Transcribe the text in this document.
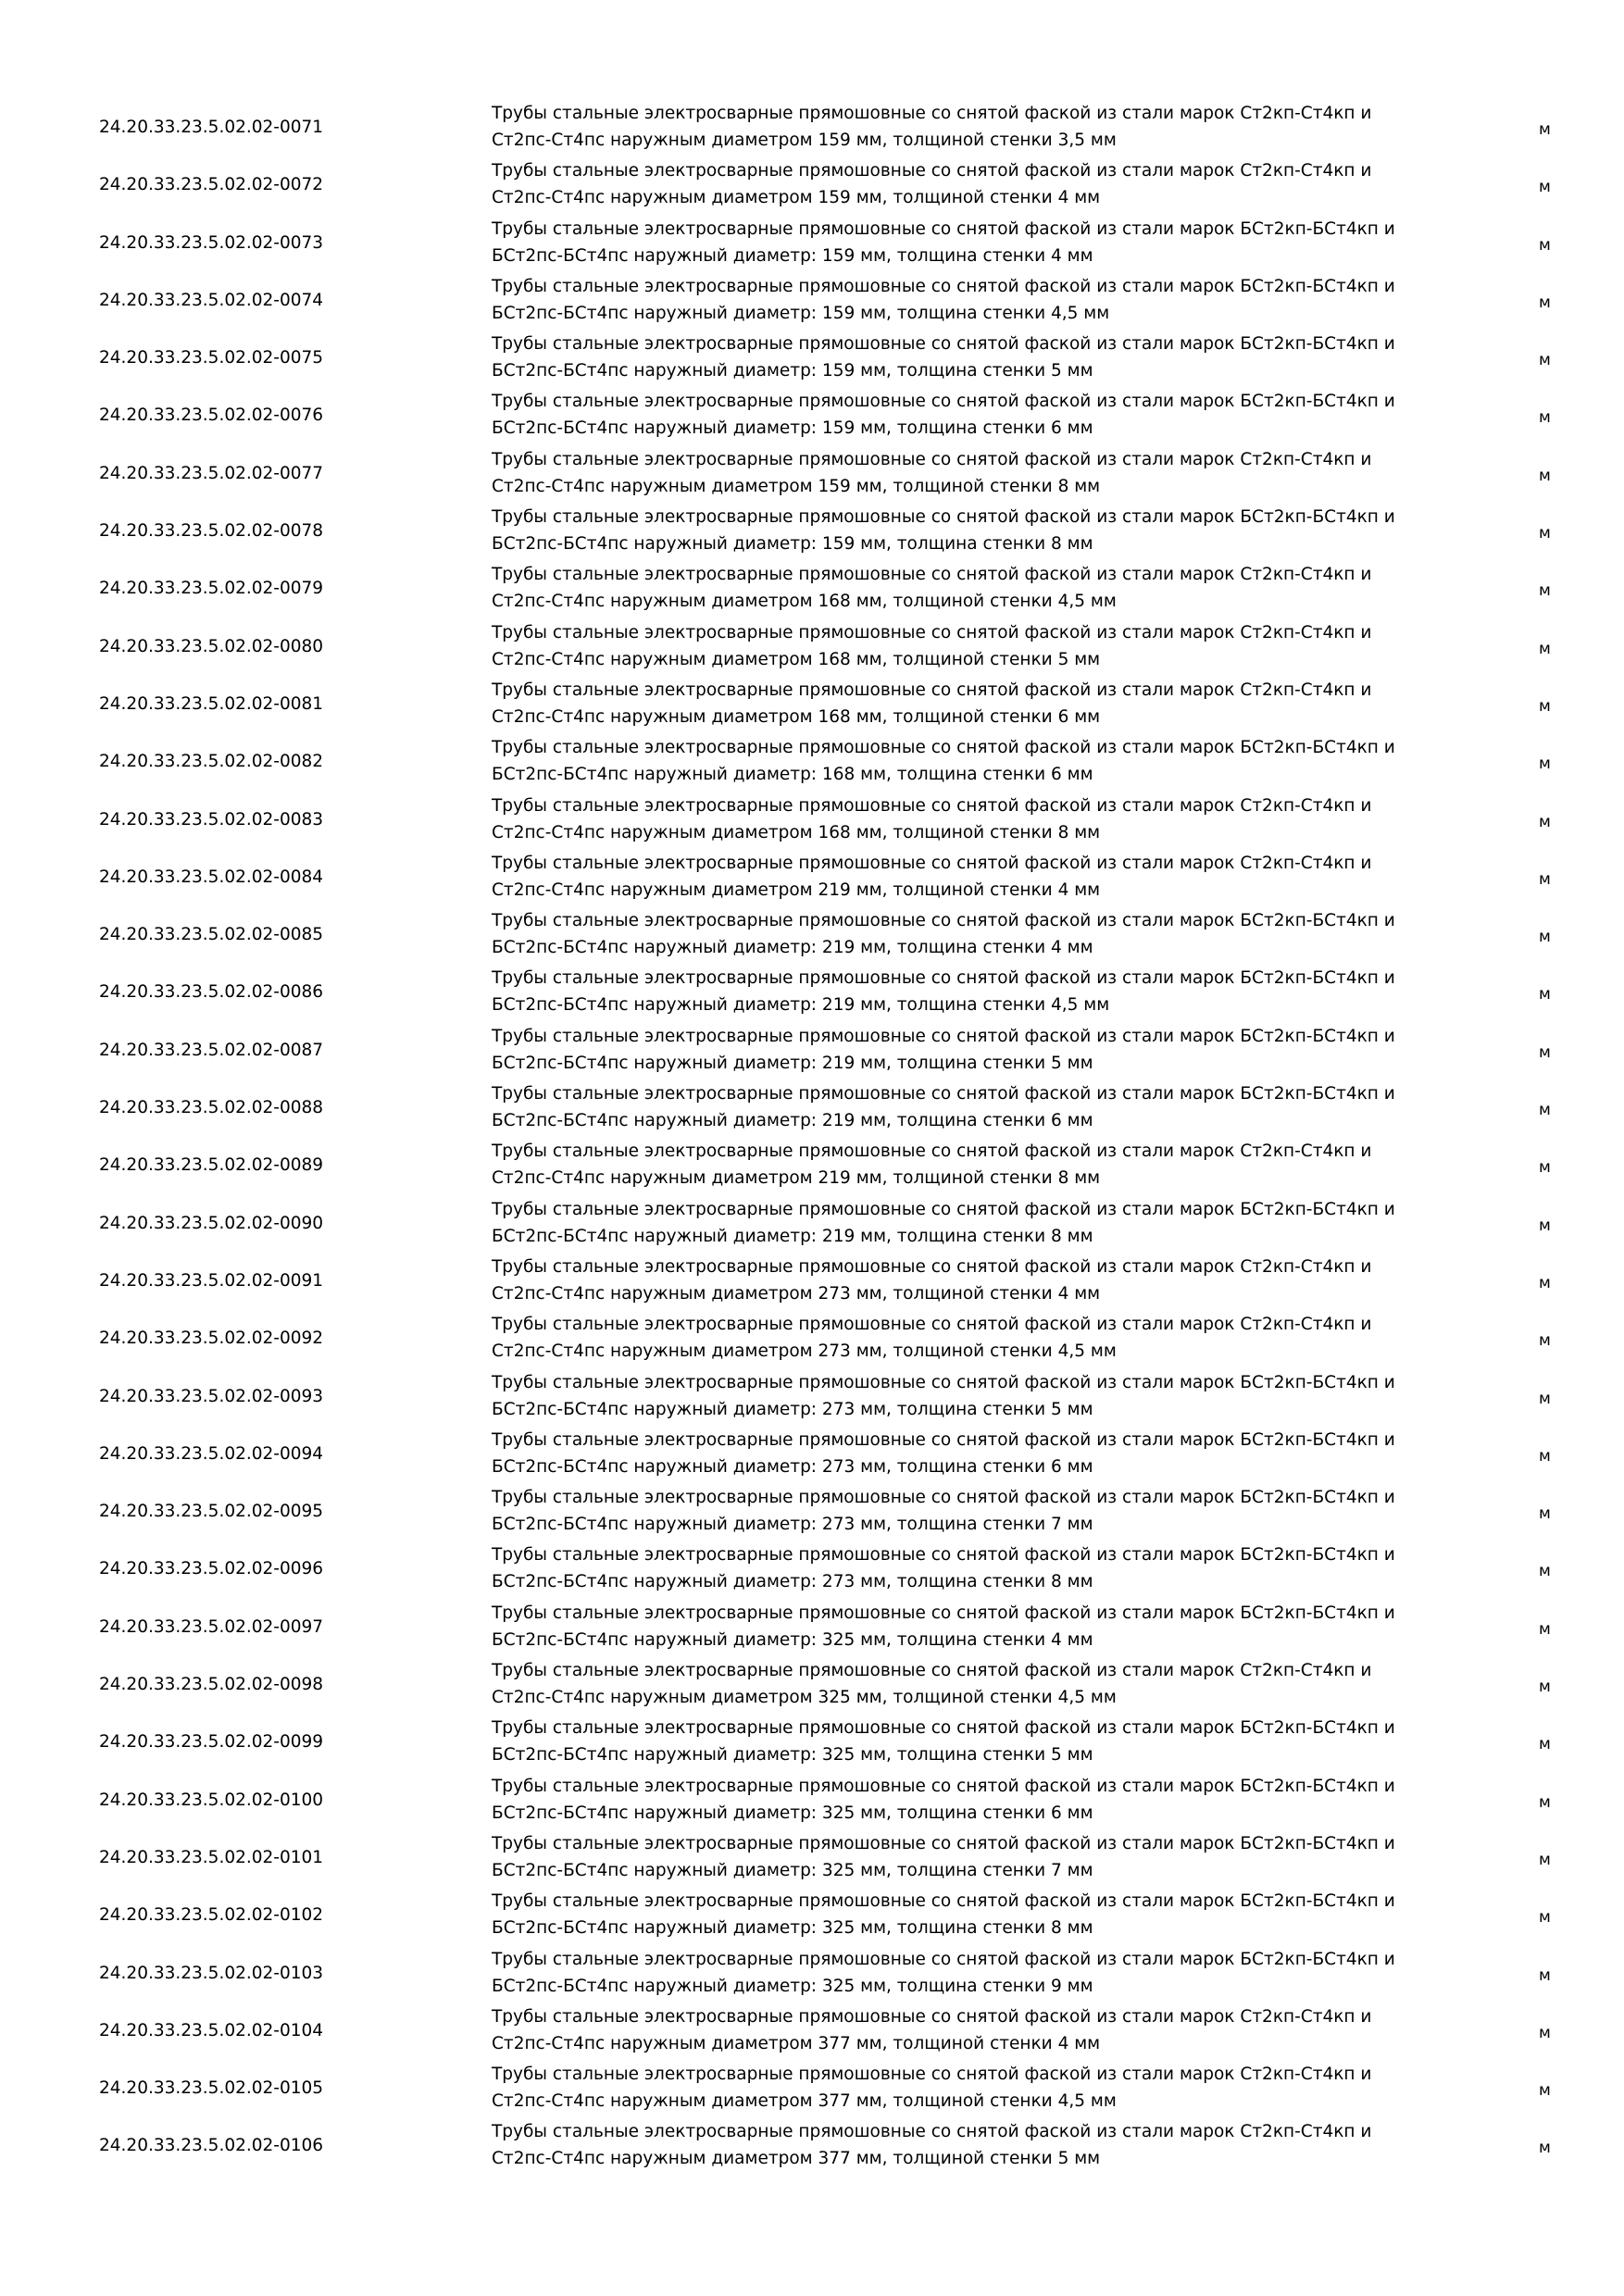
24.20.33.23.5.02.02-0071
Трубы стальные электросварные прямошовные со снятой фаской из стали марок Ст2кп-Ст4кп и
Ст2пс-Ст4пс наружным диаметром 159 мм, толщиной стенки 3,5 мм
м
24.20.33.23.5.02.02-0072
Трубы стальные электросварные прямошовные со снятой фаской из стали марок Ст2кп-Ст4кп и
Ст2пс-Ст4пс наружным диаметром 159 мм, толщиной стенки 4 мм
м
24.20.33.23.5.02.02-0073
Трубы стальные электросварные прямошовные со снятой фаской из стали марок БСт2кп-БСт4кп и
БСт2пс-БСт4пс наружный диаметр: 159 мм, толщина стенки 4 мм
м
24.20.33.23.5.02.02-0074
Трубы стальные электросварные прямошовные со снятой фаской из стали марок БСт2кп-БСт4кп и
БСт2пс-БСт4пс наружный диаметр: 159 мм, толщина стенки 4,5 мм
м
24.20.33.23.5.02.02-0075
Трубы стальные электросварные прямошовные со снятой фаской из стали марок БСт2кп-БСт4кп и
БСт2пс-БСт4пс наружный диаметр: 159 мм, толщина стенки 5 мм
м
24.20.33.23.5.02.02-0076
Трубы стальные электросварные прямошовные со снятой фаской из стали марок БСт2кп-БСт4кп и
БСт2пс-БСт4пс наружный диаметр: 159 мм, толщина стенки 6 мм
м
24.20.33.23.5.02.02-0077
Трубы стальные электросварные прямошовные со снятой фаской из стали марок Ст2кп-Ст4кп и
Ст2пс-Ст4пс наружным диаметром 159 мм, толщиной стенки 8 мм
м
24.20.33.23.5.02.02-0078
Трубы стальные электросварные прямошовные со снятой фаской из стали марок БСт2кп-БСт4кп и
БСт2пс-БСт4пс наружный диаметр: 159 мм, толщина стенки 8 мм
м
24.20.33.23.5.02.02-0079
Трубы стальные электросварные прямошовные со снятой фаской из стали марок Ст2кп-Ст4кп и
Ст2пс-Ст4пс наружным диаметром 168 мм, толщиной стенки 4,5 мм
м
24.20.33.23.5.02.02-0080
Трубы стальные электросварные прямошовные со снятой фаской из стали марок Ст2кп-Ст4кп и
Ст2пс-Ст4пс наружным диаметром 168 мм, толщиной стенки 5 мм
м
24.20.33.23.5.02.02-0081
Трубы стальные электросварные прямошовные со снятой фаской из стали марок Ст2кп-Ст4кп и
Ст2пс-Ст4пс наружным диаметром 168 мм, толщиной стенки 6 мм
м
24.20.33.23.5.02.02-0082
Трубы стальные электросварные прямошовные со снятой фаской из стали марок БСт2кп-БСт4кп и
БСт2пс-БСт4пс наружный диаметр: 168 мм, толщина стенки 6 мм
м
24.20.33.23.5.02.02-0083
Трубы стальные электросварные прямошовные со снятой фаской из стали марок Ст2кп-Ст4кп и
Ст2пс-Ст4пс наружным диаметром 168 мм, толщиной стенки 8 мм
м
24.20.33.23.5.02.02-0084
Трубы стальные электросварные прямошовные со снятой фаской из стали марок Ст2кп-Ст4кп и
Ст2пс-Ст4пс наружным диаметром 219 мм, толщиной стенки 4 мм
м
24.20.33.23.5.02.02-0085
Трубы стальные электросварные прямошовные со снятой фаской из стали марок БСт2кп-БСт4кп и
БСт2пс-БСт4пс наружный диаметр: 219 мм, толщина стенки 4 мм
м
24.20.33.23.5.02.02-0086
Трубы стальные электросварные прямошовные со снятой фаской из стали марок БСт2кп-БСт4кп и
БСт2пс-БСт4пс наружный диаметр: 219 мм, толщина стенки 4,5 мм
м
24.20.33.23.5.02.02-0087
Трубы стальные электросварные прямошовные со снятой фаской из стали марок БСт2кп-БСт4кп и
БСт2пс-БСт4пс наружный диаметр: 219 мм, толщина стенки 5 мм
м
24.20.33.23.5.02.02-0088
Трубы стальные электросварные прямошовные со снятой фаской из стали марок БСт2кп-БСт4кп и
БСт2пс-БСт4пс наружный диаметр: 219 мм, толщина стенки 6 мм
м
24.20.33.23.5.02.02-0089
Трубы стальные электросварные прямошовные со снятой фаской из стали марок Ст2кп-Ст4кп и
Ст2пс-Ст4пс наружным диаметром 219 мм, толщиной стенки 8 мм
м
24.20.33.23.5.02.02-0090
Трубы стальные электросварные прямошовные со снятой фаской из стали марок БСт2кп-БСт4кп и
БСт2пс-БСт4пс наружный диаметр: 219 мм, толщина стенки 8 мм
м
24.20.33.23.5.02.02-0091
Трубы стальные электросварные прямошовные со снятой фаской из стали марок Ст2кп-Ст4кп и
Ст2пс-Ст4пс наружным диаметром 273 мм, толщиной стенки 4 мм
м
24.20.33.23.5.02.02-0092
Трубы стальные электросварные прямошовные со снятой фаской из стали марок Ст2кп-Ст4кп и
Ст2пс-Ст4пс наружным диаметром 273 мм, толщиной стенки 4,5 мм
м
24.20.33.23.5.02.02-0093
Трубы стальные электросварные прямошовные со снятой фаской из стали марок БСт2кп-БСт4кп и
БСт2пс-БСт4пс наружный диаметр: 273 мм, толщина стенки 5 мм
м
24.20.33.23.5.02.02-0094
Трубы стальные электросварные прямошовные со снятой фаской из стали марок БСт2кп-БСт4кп и
БСт2пс-БСт4пс наружный диаметр: 273 мм, толщина стенки 6 мм
м
24.20.33.23.5.02.02-0095
Трубы стальные электросварные прямошовные со снятой фаской из стали марок БСт2кп-БСт4кп и
БСт2пс-БСт4пс наружный диаметр: 273 мм, толщина стенки 7 мм
м
24.20.33.23.5.02.02-0096
Трубы стальные электросварные прямошовные со снятой фаской из стали марок БСт2кп-БСт4кп и
БСт2пс-БСт4пс наружный диаметр: 273 мм, толщина стенки 8 мм
м
24.20.33.23.5.02.02-0097
Трубы стальные электросварные прямошовные со снятой фаской из стали марок БСт2кп-БСт4кп и
БСт2пс-БСт4пс наружный диаметр: 325 мм, толщина стенки 4 мм
м
24.20.33.23.5.02.02-0098
Трубы стальные электросварные прямошовные со снятой фаской из стали марок Ст2кп-Ст4кп и
Ст2пс-Ст4пс наружным диаметром 325 мм, толщиной стенки 4,5 мм
м
24.20.33.23.5.02.02-0099
Трубы стальные электросварные прямошовные со снятой фаской из стали марок БСт2кп-БСт4кп и
БСт2пс-БСт4пс наружный диаметр: 325 мм, толщина стенки 5 мм
м
24.20.33.23.5.02.02-0100
Трубы стальные электросварные прямошовные со снятой фаской из стали марок БСт2кп-БСт4кп и
БСт2пс-БСт4пс наружный диаметр: 325 мм, толщина стенки 6 мм
м
24.20.33.23.5.02.02-0101
Трубы стальные электросварные прямошовные со снятой фаской из стали марок БСт2кп-БСт4кп и
БСт2пс-БСт4пс наружный диаметр: 325 мм, толщина стенки 7 мм
м
24.20.33.23.5.02.02-0102
Трубы стальные электросварные прямошовные со снятой фаской из стали марок БСт2кп-БСт4кп и
БСт2пс-БСт4пс наружный диаметр: 325 мм, толщина стенки 8 мм
м
24.20.33.23.5.02.02-0103
Трубы стальные электросварные прямошовные со снятой фаской из стали марок БСт2кп-БСт4кп и
БСт2пс-БСт4пс наружный диаметр: 325 мм, толщина стенки 9 мм
м
24.20.33.23.5.02.02-0104
Трубы стальные электросварные прямошовные со снятой фаской из стали марок Ст2кп-Ст4кп и
Ст2пс-Ст4пс наружным диаметром 377 мм, толщиной стенки 4 мм
м
24.20.33.23.5.02.02-0105
Трубы стальные электросварные прямошовные со снятой фаской из стали марок Ст2кп-Ст4кп и
Ст2пс-Ст4пс наружным диаметром 377 мм, толщиной стенки 4,5 мм
м
24.20.33.23.5.02.02-0106
Трубы стальные электросварные прямошовные со снятой фаской из стали марок Ст2кп-Ст4кп и
Ст2пс-Ст4пс наружным диаметром 377 мм, толщиной стенки 5 мм
м
